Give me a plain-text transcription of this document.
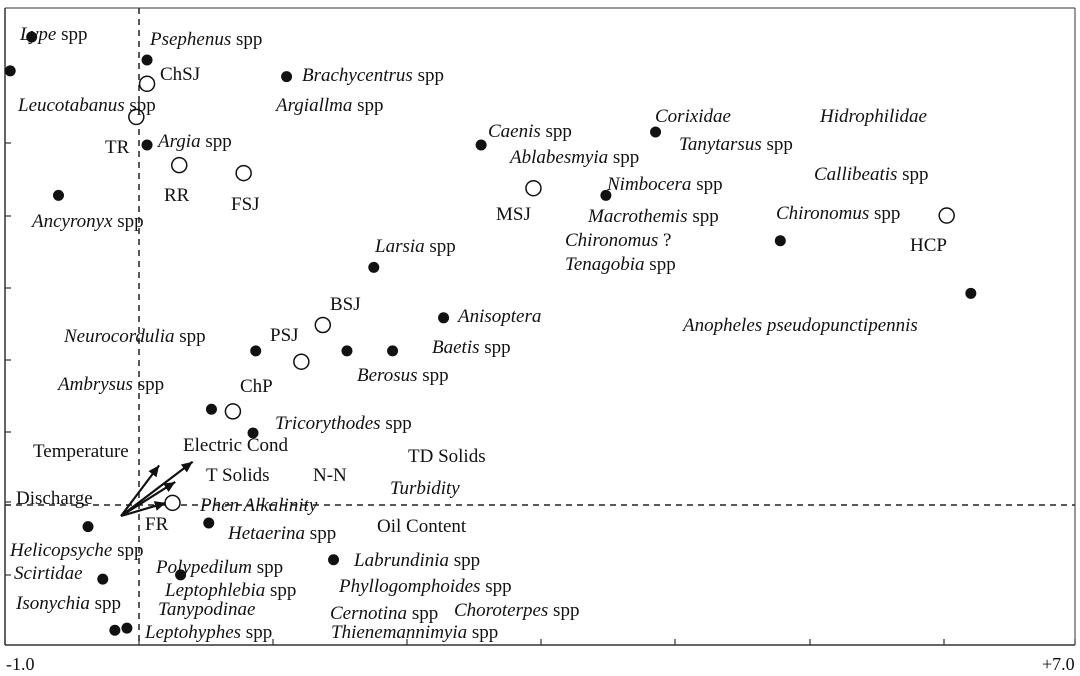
Lype spp	Psephenus spp
Leucotabanus spp
Brachycentrus spp
Argiallma spp
Argia spp	Caenis spp
Corixidae
Ablabesmyia spp
Tanytarsus spp
Hidrophilidae
Callibeatis spp
Ancyronyx spp
Nimbocera spp
Macrothemis spp	Chironomus spp
Chironomus ?
Tenagobia spp
Larsia spp
Anisoptera	Anopheles pseudopunctipennis
Neurocordulia spp
Baetis spp
Berosus spp
Ambrysus spp
Tricorythodes spp
Hetaerina spp
Helicopsyche spp
Scirtidae	Polypedilum spp
Leptophlebia spp
Labrundinia spp
Phyllogomphoides spp
Isonychia spp Tanypodinae	Cernotina spp Choroterpes spp
Leptohyphes spp	Thienemannimyia spp
Phen Alkalinity
Turbidity
ChSJ
TR
RR FSJ	MSJ
HCP
BSJ
PSJ
ChP
FR
Temperature	Electric Cond
T Solids
Discharge
N-N
TD Solids
Oil Content
-1.0	+7.0
